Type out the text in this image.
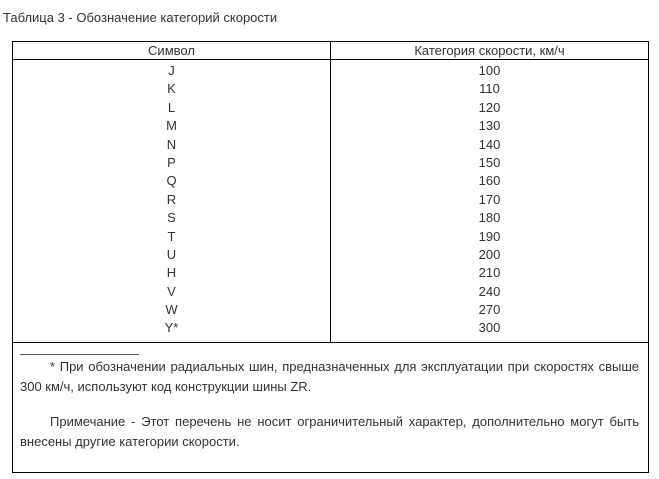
Таблица 3 - Обозначение категорий скорости
Символ	Категория скорости, км/ч
J	100
K	110
L	120
M	130
N	140
P	150
Q	160
R	170
S	180
T	190
U	200
H	210
V	240
W	270
Y*	300
* При обозначении радиальных шин, предназначенных для эксплуатации при скоростях свыше 300 км/ч, используют код конструкции шины ZR.
Примечание - Этот перечень не носит ограничительный характер, дополнительно могут быть внесены другие категории скорости.
